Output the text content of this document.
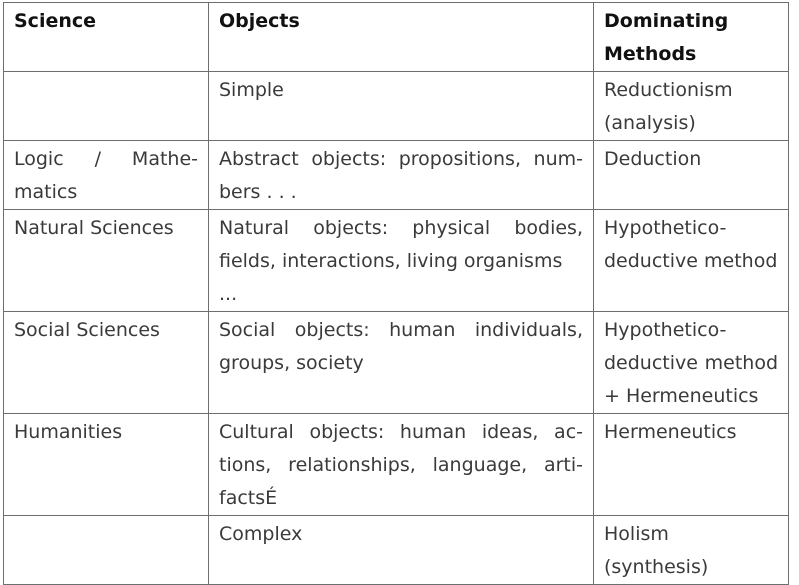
Science	Objects	Dominating
Methods

	Simple	Reductionism
(analysis)

Logic / Mathe-
matics	Abstract objects: propositions, num-
bers . . .	Deduction

Natural Sciences	Natural objects: physical bodies,
fields, interactions, living organisms ...	Hypothetico-
deductive method

Social Sciences	Social objects: human individuals,
groups, society	Hypothetico-
deductive method
+ Hermeneutics

Humanities	Cultural objects: human ideas, ac-
tions, relationships, language, arti-
factsÉ	Hermeneutics

	Complex	Holism (synthesis)
